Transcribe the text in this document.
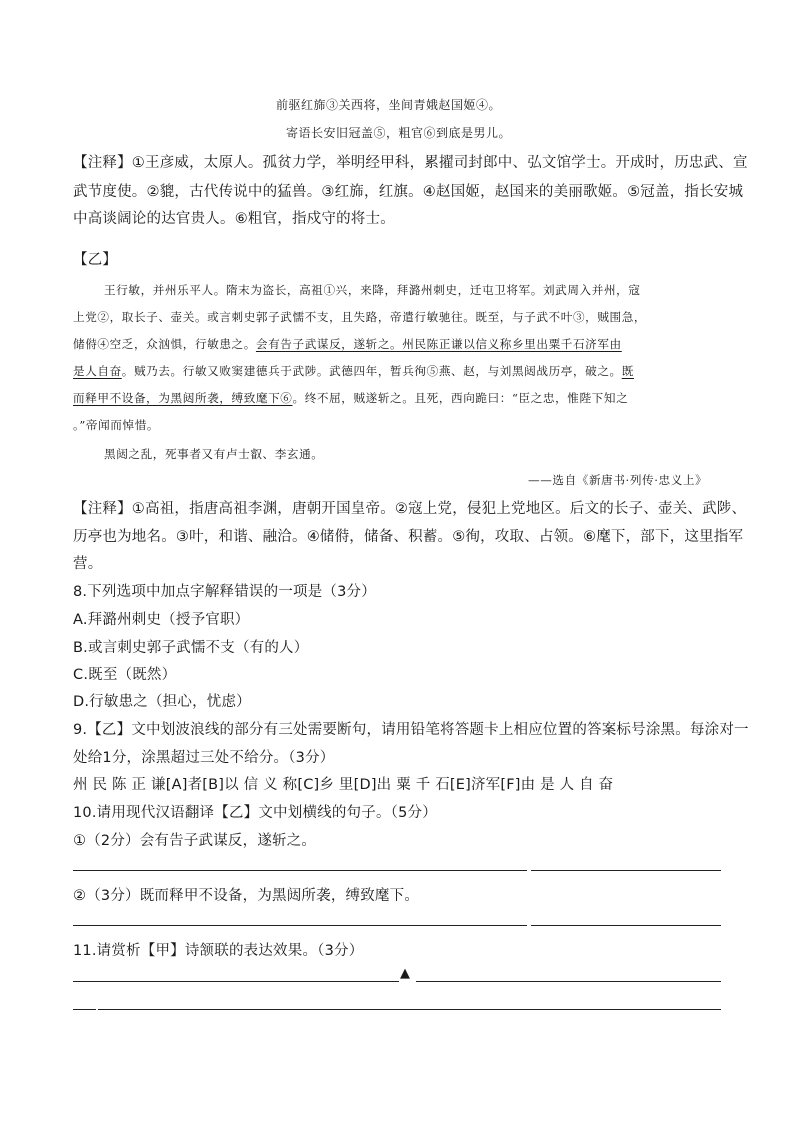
前驱红旆③关西将，坐间青娥赵国姬④。
寄语长安旧冠盖⑤，粗官⑥到底是男儿。
【注释】①王彦威，太原人。孤贫力学，举明经甲科，累擢司封郎中、弘文馆学士。开成时，历忠武、宣
武节度使。②貔，古代传说中的猛兽。③红旆，红旗。④赵国姬，赵国来的美丽歌姬。⑤冠盖，指长安城
中高谈阔论的达官贵人。⑥粗官，指戍守的将士。
【乙】
王行敏，并州乐平人。隋末为盗长，高祖①兴，来降，拜潞州刺史，迁屯卫将军。刘武周入并州，寇
上党②，取长子、壶关。或言刺史郭子武懦不支，且失路，帝遣行敏驰往。既至，与子武不叶③，贼围急，
储偫④空乏，众汹惧，行敏患之。会有告子武谋反，遂斩之。州民陈正谦以信义称乡里出粟千石济军由
是人自奋。贼乃去。行敏又败窦建德兵于武陟。武德四年，暂兵徇⑤燕、赵，与刘黑闼战历亭，破之。既
而释甲不设备，为黑闼所袭，缚致麾下⑥。终不屈，贼遂斩之。且死，西向跪曰：“臣之忠，惟陛下知之
。”帝闻而悼惜。
黑闼之乱，死事者又有卢士叡、李玄通。
——选自《新唐书·列传·忠义上》
【注释】①高祖，指唐高祖李渊，唐朝开国皇帝。②寇上党，侵犯上党地区。后文的长子、壶关、武陟、
历亭也为地名。③叶，和谐、融洽。④储偫，储备、积蓄。⑤徇，攻取、占领。⑥麾下，部下，这里指军
营。
8.下列选项中加点字解释错误的一项是（3分）
A.拜潞州刺史（授予官职）
B.或言刺史郭子武懦不支（有的人）
C.既至（既然）
D.行敏患之（担心，忧虑）
9.【乙】文中划波浪线的部分有三处需要断句，请用铅笔将答题卡上相应位置的答案标号涂黑。每涂对一
处给1分，涂黑超过三处不给分。（3分）
州 民 陈 正 谦[A]者[B]以 信 义 称[C]乡 里[D]出 粟 千 石[E]济军[F]由 是 人 自 奋
10.请用现代汉语翻译【乙】文中划横线的句子。（5分）
①（2分）会有告子武谋反，遂斩之。
②（3分）既而释甲不设备，为黑闼所袭，缚致麾下。
11.请赏析【甲】诗颔联的表达效果。（3分）
▲
